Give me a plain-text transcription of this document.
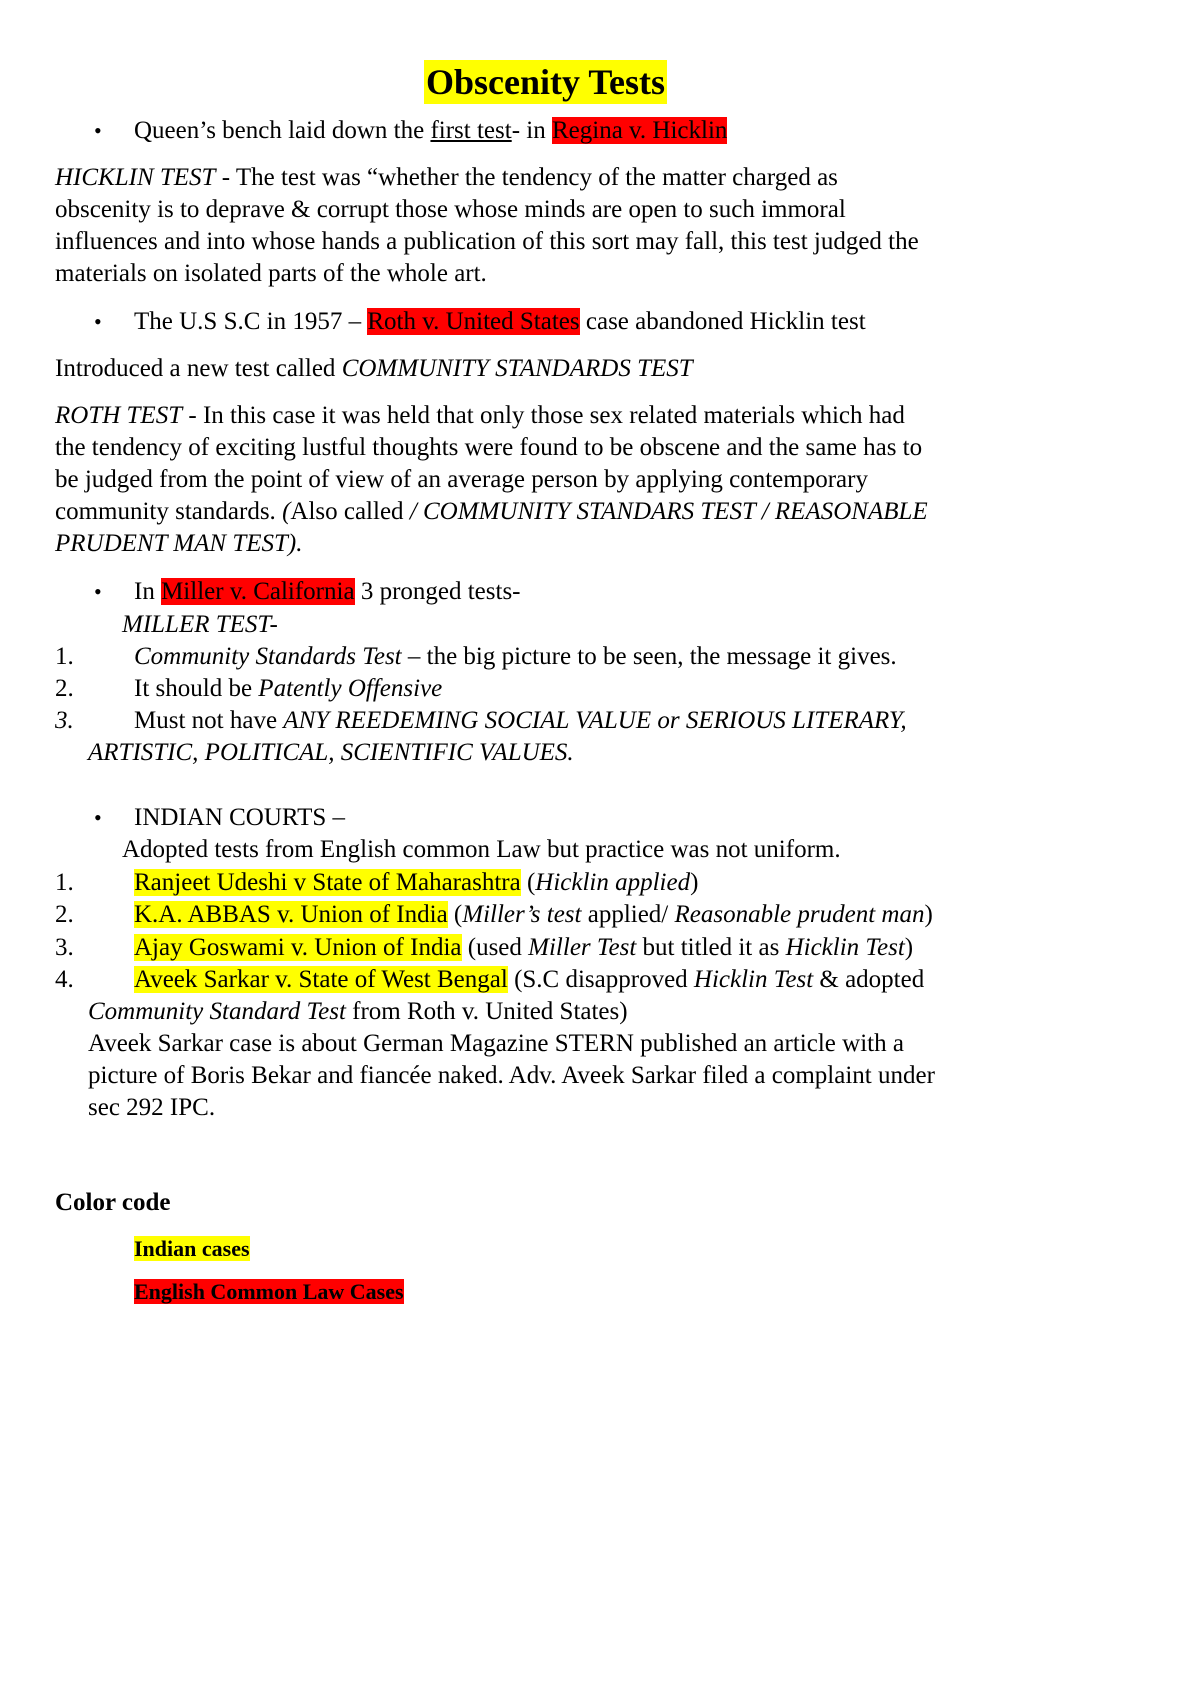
Obscenity Tests
• Queen’s bench laid down the first test- in Regina v. Hicklin
HICKLIN TEST - The test was “whether the tendency of the matter charged as
obscenity is to deprave & corrupt those whose minds are open to such immoral
influences and into whose hands a publication of this sort may fall, this test judged the
materials on isolated parts of the whole art.
• The U.S S.C in 1957 – Roth v. United States case abandoned Hicklin test
Introduced a new test called COMMUNITY STANDARDS TEST
ROTH TEST - In this case it was held that only those sex related materials which had
the tendency of exciting lustful thoughts were found to be obscene and the same has to
be judged from the point of view of an average person by applying contemporary
community standards. (Also called / COMMUNITY STANDARS TEST / REASONABLE
PRUDENT MAN TEST).
• In Miller v. California 3 pronged tests-
MILLER TEST-
1. Community Standards Test – the big picture to be seen, the message it gives.
2. It should be Patently Offensive
3. Must not have ANY REEDEMING SOCIAL VALUE or SERIOUS LITERARY,
ARTISTIC, POLITICAL, SCIENTIFIC VALUES.
• INDIAN COURTS –
Adopted tests from English common Law but practice was not uniform.
1. Ranjeet Udeshi v State of Maharashtra (Hicklin applied)
2. K.A. ABBAS v. Union of India (Miller’s test applied/ Reasonable prudent man)
3. Ajay Goswami v. Union of India (used Miller Test but titled it as Hicklin Test)
4. Aveek Sarkar v. State of West Bengal (S.C disapproved Hicklin Test & adopted
Community Standard Test from Roth v. United States)
Aveek Sarkar case is about German Magazine STERN published an article with a
picture of Boris Bekar and fiancée naked. Adv. Aveek Sarkar filed a complaint under
sec 292 IPC.
Color code
Indian cases
English Common Law Cases
